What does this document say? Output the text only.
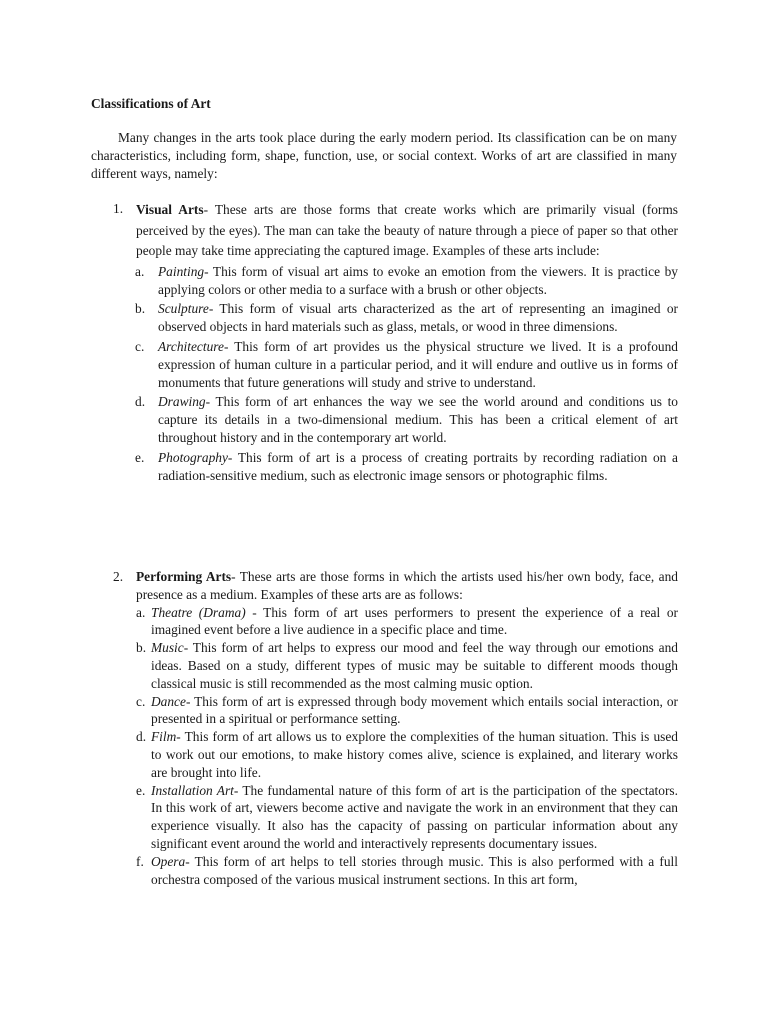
Classifications of Art
Many changes in the arts took place during the early modern period. Its classification can be on many characteristics, including form, shape, function, use, or social context. Works of art are classified in many different ways, namely:
1. Visual Arts- These arts are those forms that create works which are primarily visual (forms perceived by the eyes). The man can take the beauty of nature through a piece of paper so that other people may take time appreciating the captured image. Examples of these arts include:
a. Painting- This form of visual art aims to evoke an emotion from the viewers. It is practice by applying colors or other media to a surface with a brush or other objects.
b. Sculpture- This form of visual arts characterized as the art of representing an imagined or observed objects in hard materials such as glass, metals, or wood in three dimensions.
c. Architecture- This form of art provides us the physical structure we lived. It is a profound expression of human culture in a particular period, and it will endure and outlive us in forms of monuments that future generations will study and strive to understand.
d. Drawing- This form of art enhances the way we see the world around and conditions us to capture its details in a two-dimensional medium. This has been a critical element of art throughout history and in the contemporary art world.
e. Photography- This form of art is a process of creating portraits by recording radiation on a radiation-sensitive medium, such as electronic image sensors or photographic films.
2. Performing Arts- These arts are those forms in which the artists used his/her own body, face, and presence as a medium. Examples of these arts are as follows:
a. Theatre (Drama) - This form of art uses performers to present the experience of a real or imagined event before a live audience in a specific place and time.
b. Music- This form of art helps to express our mood and feel the way through our emotions and ideas. Based on a study, different types of music may be suitable to different moods though classical music is still recommended as the most calming music option.
c. Dance- This form of art is expressed through body movement which entails social interaction, or presented in a spiritual or performance setting.
d. Film- This form of art allows us to explore the complexities of the human situation. This is used to work out our emotions, to make history comes alive, science is explained, and literary works are brought into life.
e. Installation Art- The fundamental nature of this form of art is the participation of the spectators. In this work of art, viewers become active and navigate the work in an environment that they can experience visually. It also has the capacity of passing on particular information about any significant event around the world and interactively represents documentary issues.
f. Opera- This form of art helps to tell stories through music. This is also performed with a full orchestra composed of the various musical instrument sections. In this art form,
